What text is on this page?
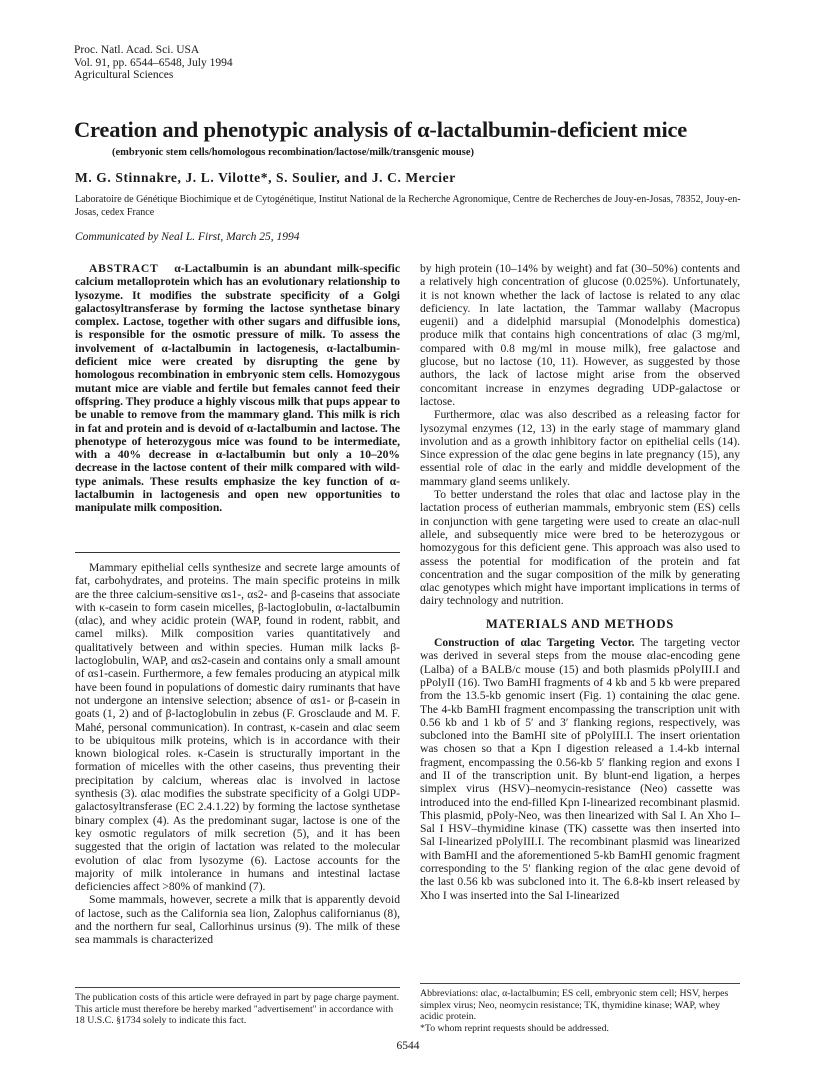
Proc. Natl. Acad. Sci. USA
Vol. 91, pp. 6544–6548, July 1994
Agricultural Sciences
Creation and phenotypic analysis of α-lactalbumin-deficient mice
(embryonic stem cells/homologous recombination/lactose/milk/transgenic mouse)
M. G. Stinnakre, J. L. Vilotte*, S. Soulier, and J. C. Mercier
Laboratoire de Génétique Biochimique et de Cytogénétique, Institut National de la Recherche Agronomique, Centre de Recherches de Jouy-en-Josas, 78352, Jouy-en-Josas, cedex France
Communicated by Neal L. First, March 25, 1994

ABSTRACT α-Lactalbumin is an abundant milk-specific calcium metalloprotein which has an evolutionary relationship to lysozyme. It modifies the substrate specificity of a Golgi galactosyltransferase by forming the lactose synthetase binary complex. Lactose, together with other sugars and diffusible ions, is responsible for the osmotic pressure of milk. To assess the involvement of α-lactalbumin in lactogenesis, α-lactalbumin-deficient mice were created by disrupting the gene by homologous recombination in embryonic stem cells. Homozygous mutant mice are viable and fertile but females cannot feed their offspring. They produce a highly viscous milk that pups appear to be unable to remove from the mammary gland. This milk is rich in fat and protein and is devoid of α-lactalbumin and lactose. The phenotype of heterozygous mice was found to be intermediate, with a 40% decrease in α-lactalbumin but only a 10–20% decrease in the lactose content of their milk compared with wild-type animals. These results emphasize the key function of α-lactalbumin in lactogenesis and open new opportunities to manipulate milk composition.

Mammary epithelial cells synthesize and secrete large amounts of fat, carbohydrates, and proteins. The main specific proteins in milk are the three calcium-sensitive αs1-, αs2- and β-caseins that associate with κ-casein to form casein micelles, β-lactoglobulin, α-lactalbumin (αlac), and whey acidic protein (WAP, found in rodent, rabbit, and camel milks). Milk composition varies quantitatively and qualitatively between and within species. Human milk lacks β-lactoglobulin, WAP, and αs2-casein and contains only a small amount of αs1-casein. Furthermore, a few females producing an atypical milk have been found in populations of domestic dairy ruminants that have not undergone an intensive selection; absence of αs1- or β-casein in goats (1, 2) and of β-lactoglobulin in zebus (F. Grosclaude and M. F. Mahé, personal communication). In contrast, κ-casein and αlac seem to be ubiquitous milk proteins, which is in accordance with their known biological roles. κ-Casein is structurally important in the formation of micelles with the other caseins, thus preventing their precipitation by calcium, whereas αlac is involved in lactose synthesis (3). αlac modifies the substrate specificity of a Golgi UDP-galactosyltransferase (EC 2.4.1.22) by forming the lactose synthetase binary complex (4). As the predominant sugar, lactose is one of the key osmotic regulators of milk secretion (5), and it has been suggested that the origin of lactation was related to the molecular evolution of αlac from lysozyme (6). Lactose accounts for the majority of milk intolerance in humans and intestinal lactase deficiencies affect >80% of mankind (7).

Some mammals, however, secrete a milk that is apparently devoid of lactose, such as the California sea lion, Zalophus californianus (8), and the northern fur seal, Callorhinus ursinus (9). The milk of these sea mammals is characterized

by high protein (10–14% by weight) and fat (30–50%) contents and a relatively high concentration of glucose (0.025%). Unfortunately, it is not known whether the lack of lactose is related to any αlac deficiency. In late lactation, the Tammar wallaby (Macropus eugenii) and a didelphid marsupial (Monodelphis domestica) produce milk that contains high concentrations of αlac (3 mg/ml, compared with 0.8 mg/ml in mouse milk), free galactose and glucose, but no lactose (10, 11). However, as suggested by those authors, the lack of lactose might arise from the observed concomitant increase in enzymes degrading UDP-galactose or lactose.

Furthermore, αlac was also described as a releasing factor for lysozymal enzymes (12, 13) in the early stage of mammary gland involution and as a growth inhibitory factor on epithelial cells (14). Since expression of the αlac gene begins in late pregnancy (15), any essential role of αlac in the early and middle development of the mammary gland seems unlikely.

To better understand the roles that αlac and lactose play in the lactation process of eutherian mammals, embryonic stem (ES) cells in conjunction with gene targeting were used to create an αlac-null allele, and subsequently mice were bred to be heterozygous or homozygous for this deficient gene. This approach was also used to assess the potential for modification of the protein and fat concentration and the sugar composition of the milk by generating αlac genotypes which might have important implications in terms of dairy technology and nutrition.

MATERIALS AND METHODS

Construction of αlac Targeting Vector. The targeting vector was derived in several steps from the mouse αlac-encoding gene (Lalba) of a BALB/c mouse (15) and both plasmids pPolyIII.I and pPolyII (16). Two BamHI fragments of 4 kb and 5 kb were prepared from the 13.5-kb genomic insert (Fig. 1) containing the αlac gene. The 4-kb BamHI fragment encompassing the transcription unit with 0.56 kb and 1 kb of 5′ and 3′ flanking regions, respectively, was subcloned into the BamHI site of pPolyIII.I. The insert orientation was chosen so that a Kpn I digestion released a 1.4-kb internal fragment, encompassing the 0.56-kb 5′ flanking region and exons I and II of the transcription unit. By blunt-end ligation, a herpes simplex virus (HSV)–neomycin-resistance (Neo) cassette was introduced into the end-filled Kpn I-linearized recombinant plasmid. This plasmid, pPoly-Neo, was then linearized with Sal I. An Xho I–Sal I HSV–thymidine kinase (TK) cassette was then inserted into Sal I-linearized pPolyIII.I. The recombinant plasmid was linearized with BamHI and the aforementioned 5-kb BamHI genomic fragment corresponding to the 5′ flanking region of the αlac gene devoid of the last 0.56 kb was subcloned into it. The 6.8-kb insert released by Xho I was inserted into the Sal I-linearized

The publication costs of this article were defrayed in part by page charge payment. This article must therefore be hereby marked "advertisement" in accordance with 18 U.S.C. §1734 solely to indicate this fact.
Abbreviations: αlac, α-lactalbumin; ES cell, embryonic stem cell; HSV, herpes simplex virus; Neo, neomycin resistance; TK, thymidine kinase; WAP, whey acidic protein.
*To whom reprint requests should be addressed.
6544
